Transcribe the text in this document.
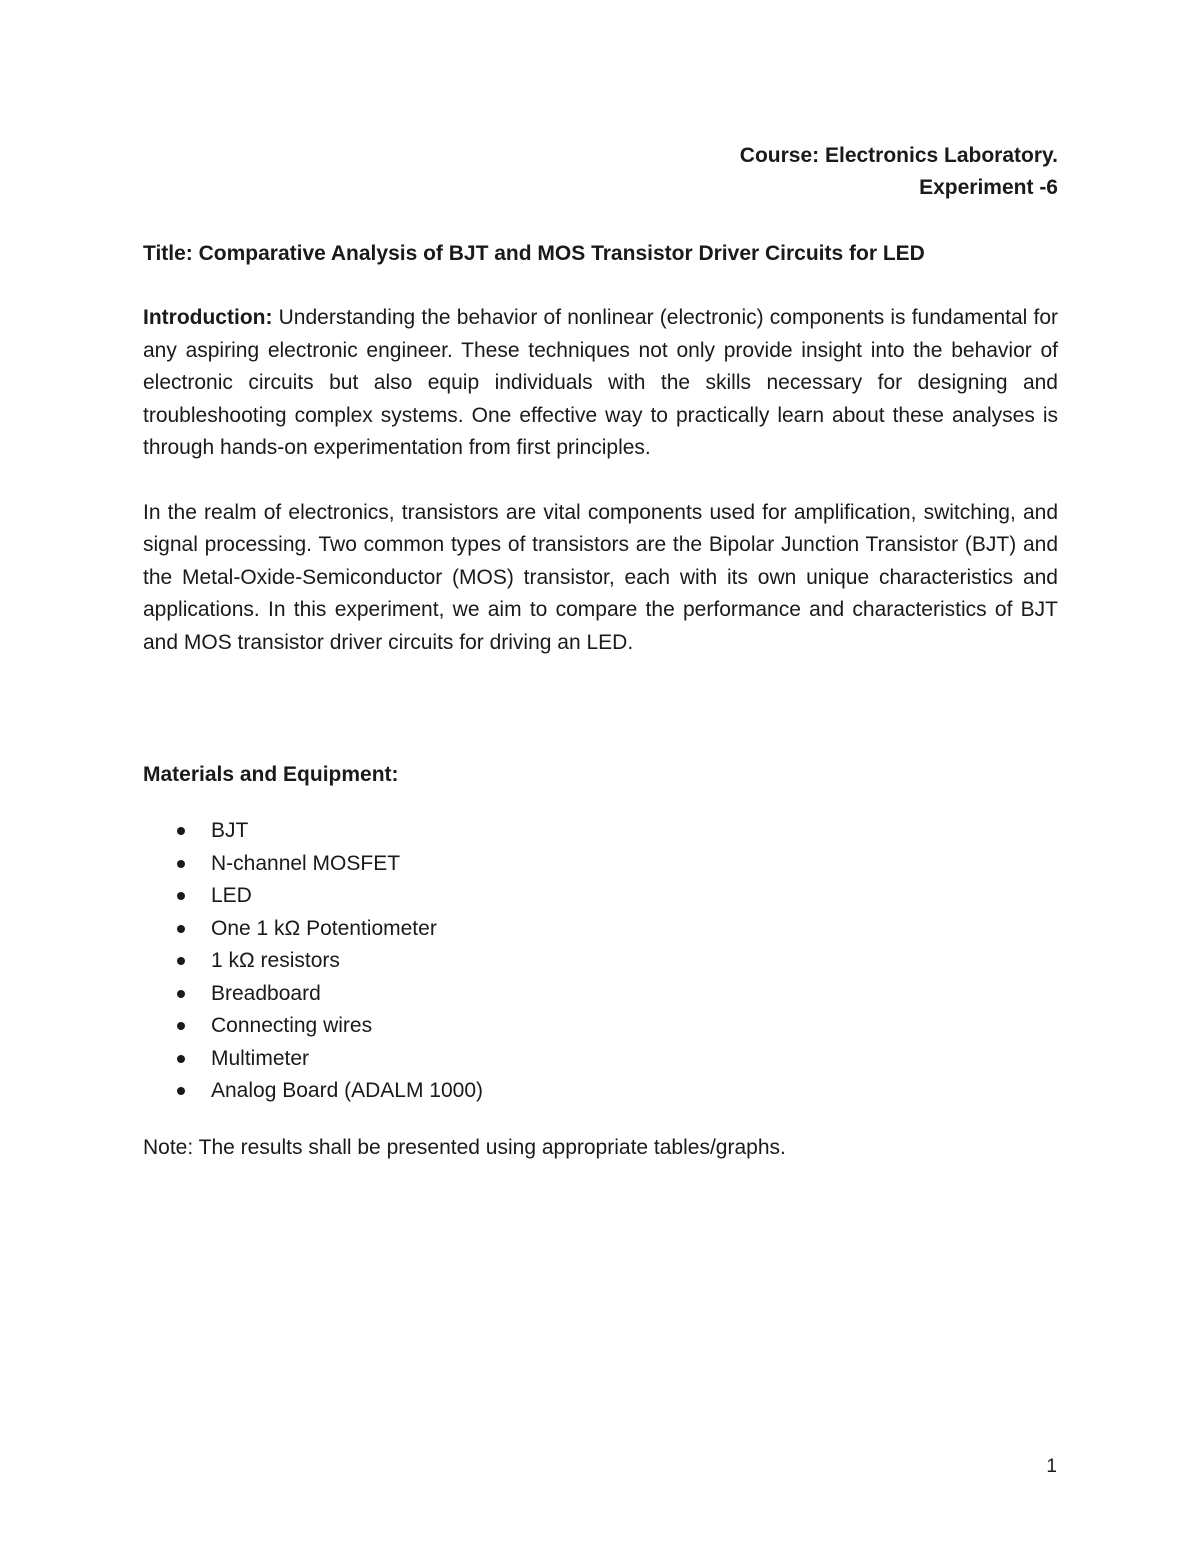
Course: Electronics Laboratory.

Experiment -6

Title: Comparative Analysis of BJT and MOS Transistor Driver Circuits for LED

Introduction: Understanding the behavior of nonlinear (electronic) components is fundamental for any aspiring electronic engineer. These techniques not only provide insight into the behavior of electronic circuits but also equip individuals with the skills necessary for designing and troubleshooting complex systems. One effective way to practically learn about these analyses is through hands-on experimentation from first principles.

In the realm of electronics, transistors are vital components used for amplification, switching, and signal processing. Two common types of transistors are the Bipolar Junction Transistor (BJT) and the Metal-Oxide-Semiconductor (MOS) transistor, each with its own unique characteristics and applications. In this experiment, we aim to compare the performance and characteristics of BJT and MOS transistor driver circuits for driving an LED.

Materials and Equipment:

BJT
N-channel MOSFET
LED
One 1 kΩ Potentiometer
1 kΩ resistors
Breadboard
Connecting wires
Multimeter
Analog Board (ADALM 1000)

Note: The results shall be presented using appropriate tables/graphs.

1
